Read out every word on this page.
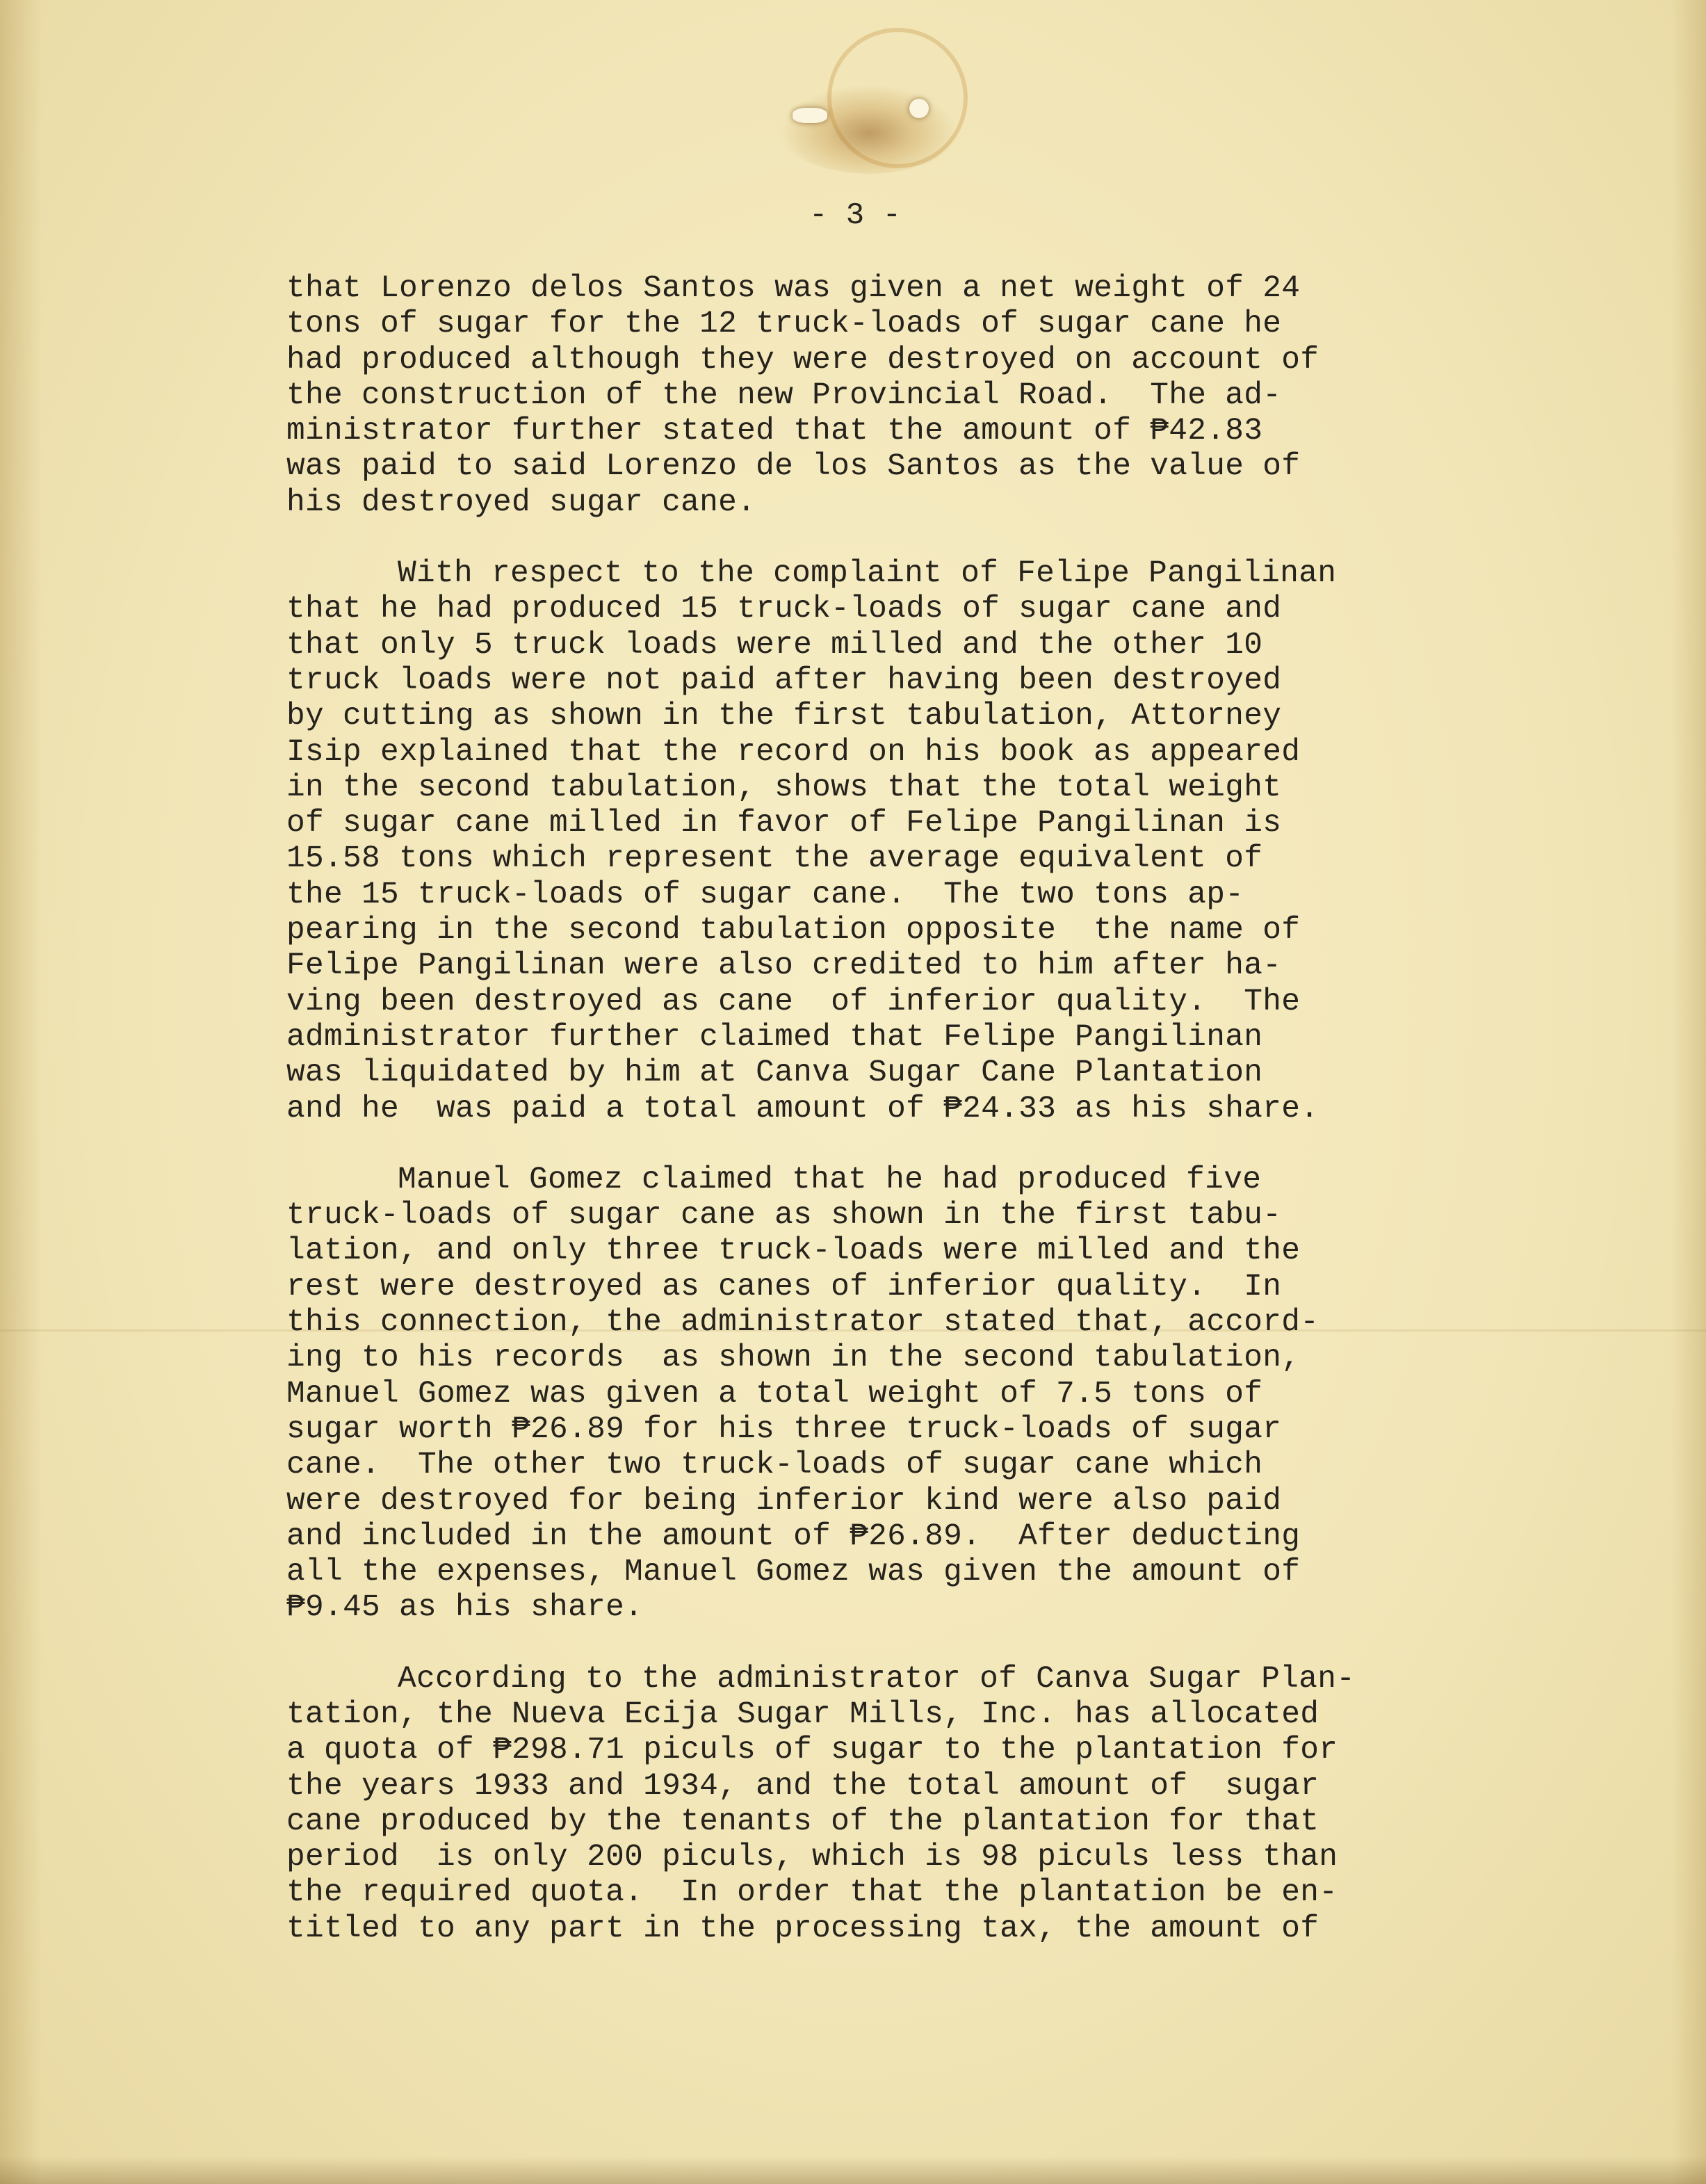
- 3 -
that Lorenzo delos Santos was given a net weight of 24
tons of sugar for the 12 truck-loads of sugar cane he
had produced although they were destroyed on account of
the construction of the new Provincial Road.  The ad-
ministrator further stated that the amount of ₱42.83
was paid to said Lorenzo de los Santos as the value of
his destroyed sugar cane.
With respect to the complaint of Felipe Pangilinan
that he had produced 15 truck-loads of sugar cane and
that only 5 truck loads were milled and the other 10
truck loads were not paid after having been destroyed
by cutting as shown in the first tabulation, Attorney
Isip explained that the record on his book as appeared
in the second tabulation, shows that the total weight
of sugar cane milled in favor of Felipe Pangilinan is
15.58 tons which represent the average equivalent of
the 15 truck-loads of sugar cane.  The two tons ap-
pearing in the second tabulation opposite  the name of
Felipe Pangilinan were also credited to him after ha-
ving been destroyed as cane  of inferior quality.  The
administrator further claimed that Felipe Pangilinan
was liquidated by him at Canva Sugar Cane Plantation
and he  was paid a total amount of ₱24.33 as his share.
Manuel Gomez claimed that he had produced five
truck-loads of sugar cane as shown in the first tabu-
lation, and only three truck-loads were milled and the
rest were destroyed as canes of inferior quality.  In
this connection, the administrator stated that, accord-
ing to his records  as shown in the second tabulation,
Manuel Gomez was given a total weight of 7.5 tons of
sugar worth ₱26.89 for his three truck-loads of sugar
cane.  The other two truck-loads of sugar cane which
were destroyed for being inferior kind were also paid
and included in the amount of ₱26.89.  After deducting
all the expenses, Manuel Gomez was given the amount of
₱9.45 as his share.
According to the administrator of Canva Sugar Plan-
tation, the Nueva Ecija Sugar Mills, Inc. has allocated
a quota of ₱298.71 piculs of sugar to the plantation for
the years 1933 and 1934, and the total amount of  sugar
cane produced by the tenants of the plantation for that
period  is only 200 piculs, which is 98 piculs less than
the required quota.  In order that the plantation be en-
titled to any part in the processing tax, the amount of
